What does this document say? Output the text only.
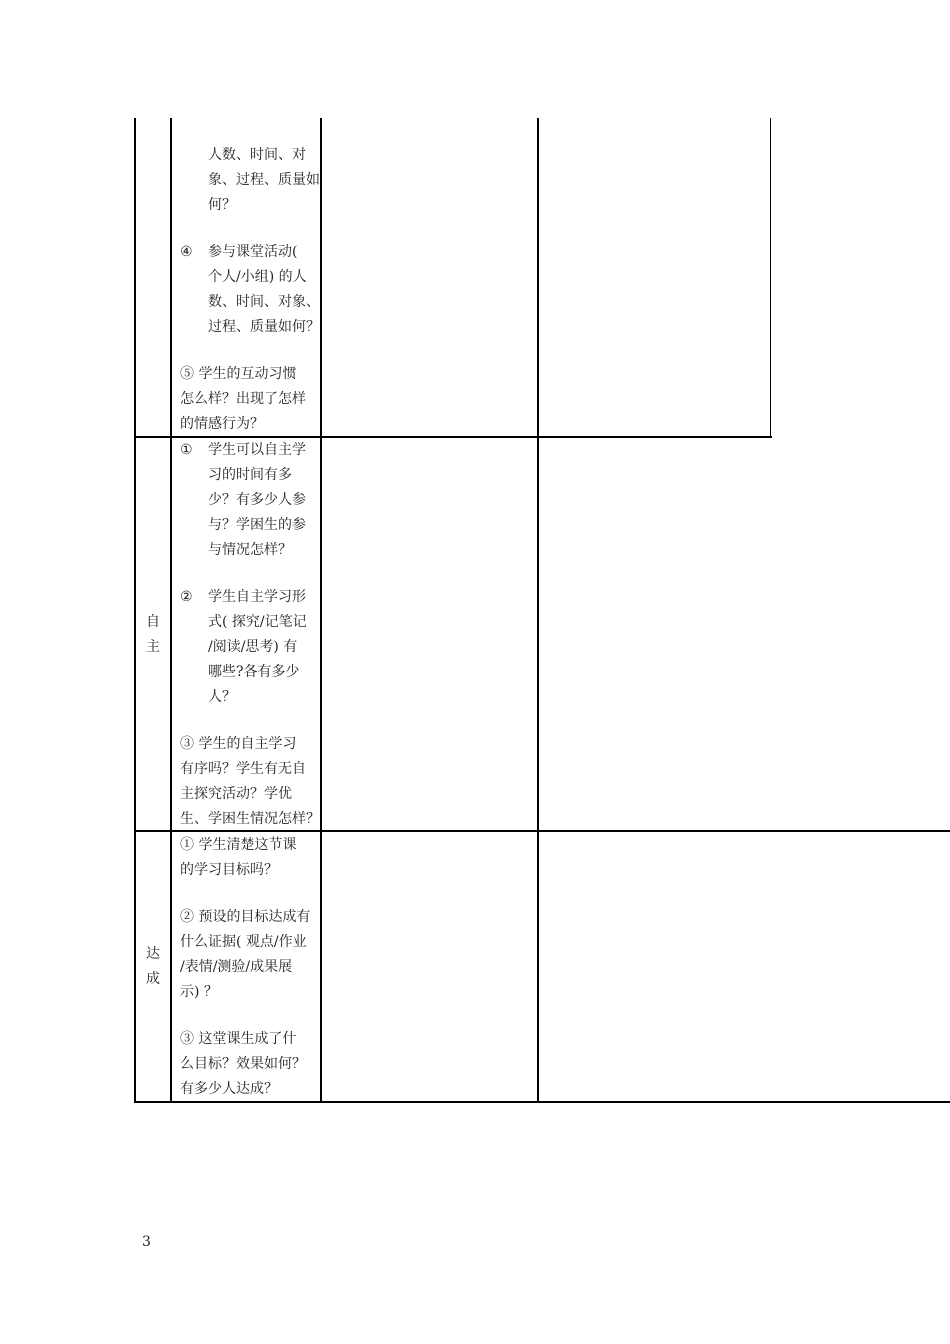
人数、时间、对
象、过程、质量如
何？
④ 参与课堂活动(
个人/小组) 的人
数、时间、对象、
过程、质量如何？
⑤ 学生的互动习惯
怎么样？出现了怎样
的情感行为？
自
主
① 学生可以自主学
习的时间有多
少？有多少人参
与？学困生的参
与情况怎样？
② 学生自主学习形
式( 探究/记笔记
/阅读/思考) 有
哪些?各有多少
人？
③ 学生的自主学习
有序吗？学生有无自
主探究活动？学优
生、学困生情况怎样？
达
成
① 学生清楚这节课
的学习目标吗？
② 预设的目标达成有
什么证据( 观点/作业
/表情/测验/成果展
示) ？
③ 这堂课生成了什
么目标？效果如何？
有多少人达成？
3
